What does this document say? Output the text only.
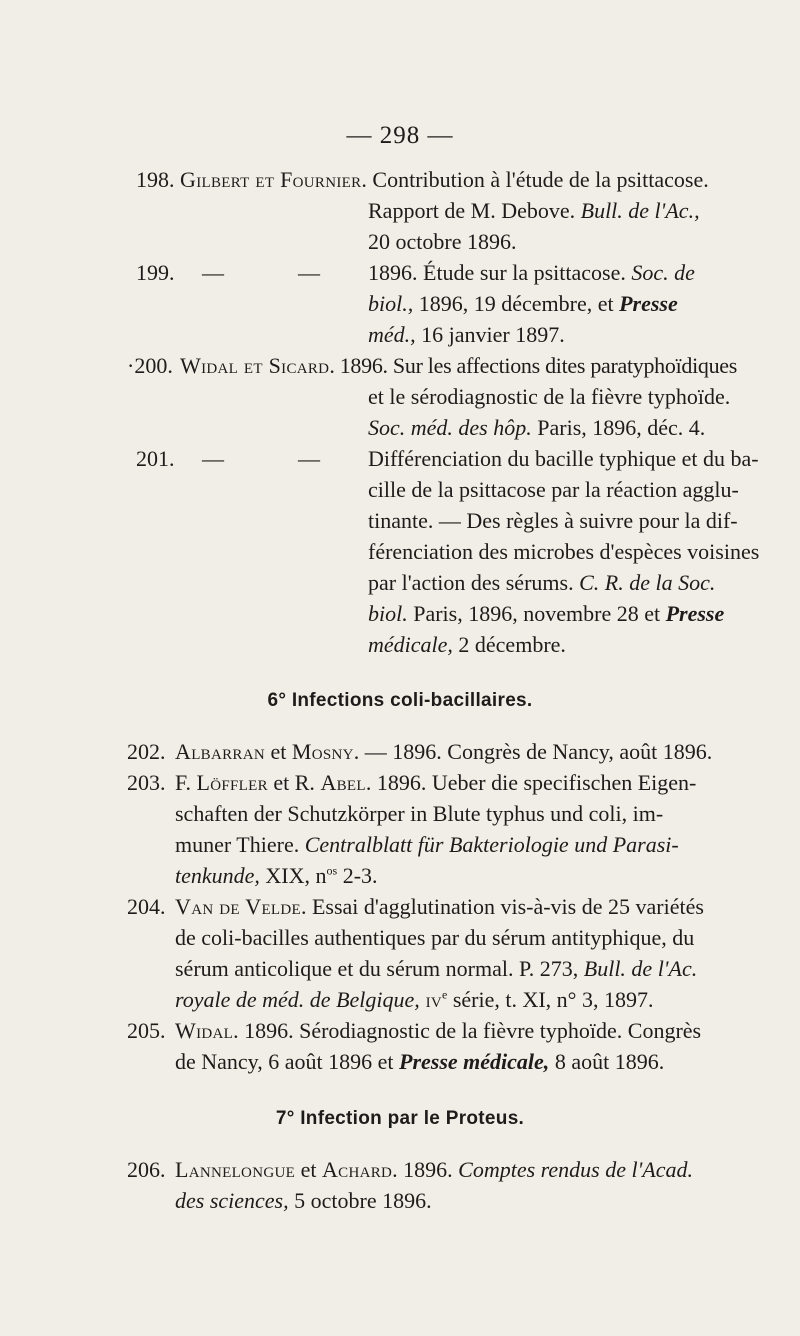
— 298 —
198. Gilbert et Fournier. Contribution à l'étude de la psittacose.
Rapport de M. Debove. Bull. de l'Ac.,
20 octobre 1896.
199. —	— 1896. Étude sur la psittacose. Soc. de
biol., 1896, 19 décembre, et Presse
méd., 16 janvier 1897.
·200. Widal et Sicard. 1896. Sur les affections dites paratyphoïdiques
et le sérodiagnostic de la fièvre typhoïde.
Soc. méd. des hôp. Paris, 1896, déc. 4.
201. —	— Différenciation du bacille typhique et du ba-
cille de la psittacose par la réaction agglu-
tinante. — Des règles à suivre pour la dif-
férenciation des microbes d'espèces voisines
par l'action des sérums. C. R. de la Soc.
biol. Paris, 1896, novembre 28 et Presse
médicale, 2 décembre.
6° Infections coli-bacillaires.
202. Albarran et Mosny. — 1896. Congrès de Nancy, août 1896.
203. F. Löffler et R. Abel. 1896. Ueber die specifischen Eigen-
schaften der Schutzkörper in Blute typhus und coli, im-
muner Thiere. Centralblatt für Bakteriologie und Parasi-
tenkunde, XIX, $n^{os}$ 2-3.
204. Van de Velde. Essai d'agglutination vis-à-vis de 25 variétés
de coli-bacilles authentiques par du sérum antityphique, du
sérum anticolique et du sérum normal. P. 273, Bull. de l'Ac.
royale de méd. de Belgique, $iv^e$ série, t. XI, n° 3, 1897.
205. Widal. 1896. Sérodiagnostic de la fièvre typhoïde. Congrès
de Nancy, 6 août 1896 et Presse médicale, 8 août 1896.
7° Infection par le Proteus.
206. Lannelongue et Achard. 1896. Comptes rendus de l'Acad.
des sciences, 5 octobre 1896.
